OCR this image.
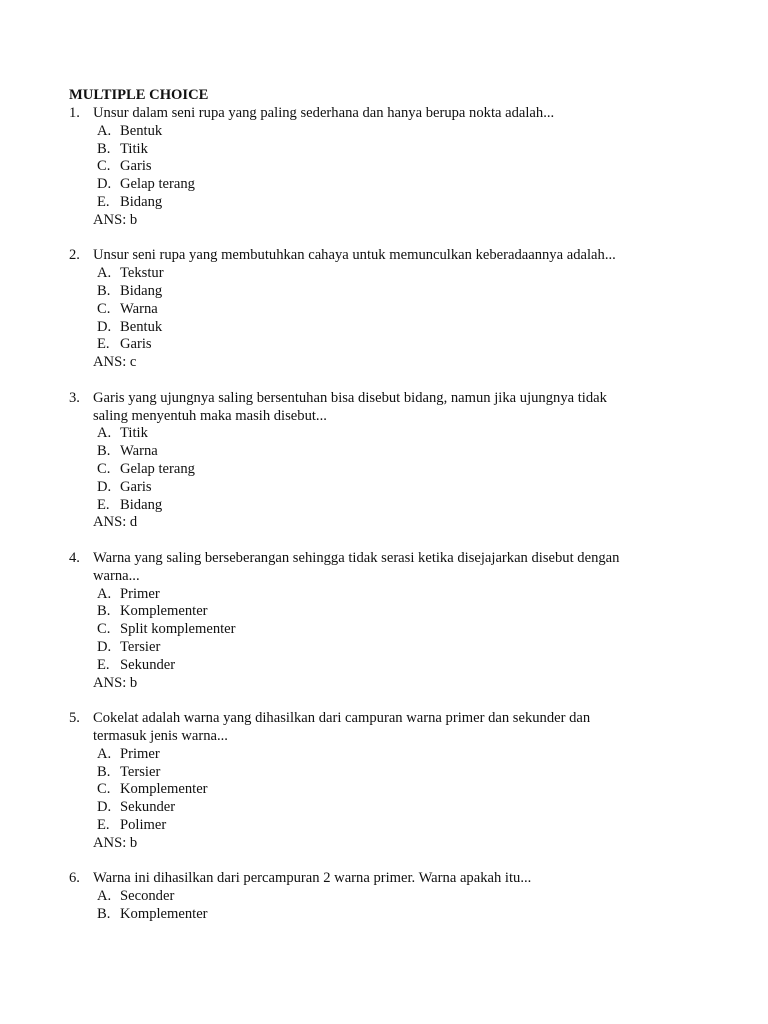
MULTIPLE CHOICE
1. Unsur dalam seni rupa yang paling sederhana dan hanya berupa nokta adalah...
A. Bentuk
B. Titik
C. Garis
D. Gelap terang
E. Bidang
ANS: b
2. Unsur seni rupa yang membutuhkan cahaya untuk memunculkan keberadaannya adalah...
A. Tekstur
B. Bidang
C. Warna
D. Bentuk
E. Garis
ANS: c
3. Garis yang ujungnya saling bersentuhan bisa disebut bidang, namun jika ujungnya tidak
saling menyentuh maka masih disebut...
A. Titik
B. Warna
C. Gelap terang
D. Garis
E. Bidang
ANS: d
4. Warna yang saling berseberangan sehingga tidak serasi ketika disejajarkan disebut dengan
warna...
A. Primer
B. Komplementer
C. Split komplementer
D. Tersier
E. Sekunder
ANS: b
5. Cokelat adalah warna yang dihasilkan dari campuran warna primer dan sekunder dan
termasuk jenis warna...
A. Primer
B. Tersier
C. Komplementer
D. Sekunder
E. Polimer
ANS: b
6. Warna ini dihasilkan dari percampuran 2 warna primer. Warna apakah itu...
A. Seconder
B. Komplementer
